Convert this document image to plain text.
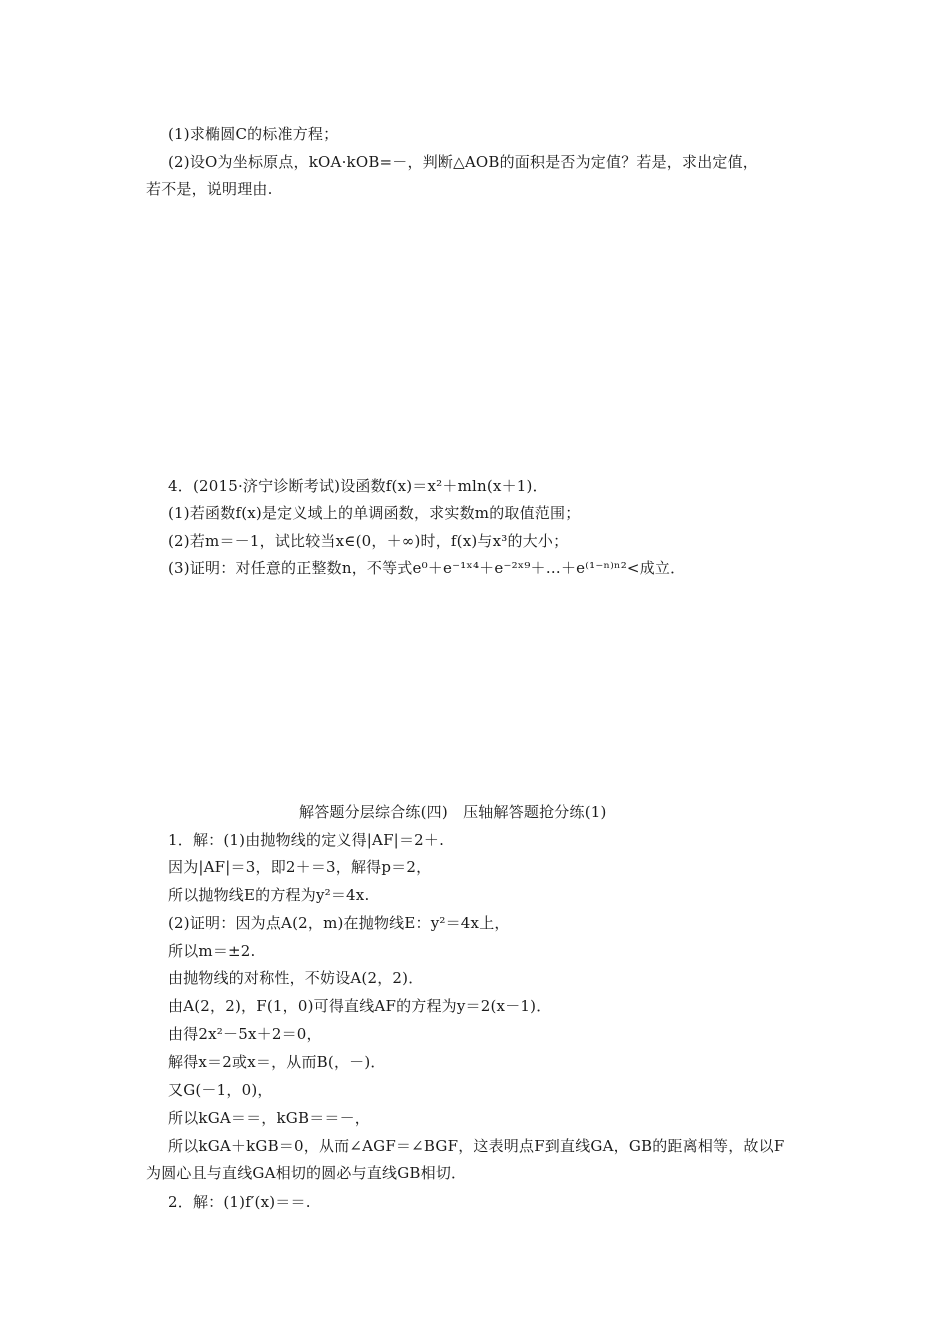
(1)求椭圆C的标准方程；
(2)设O为坐标原点，kOA·kOB=－，判断△AOB的面积是否为定值？若是，求出定值，
若不是，说明理由.
4．(2015·济宁诊断考试)设函数f(x)＝x²＋mln(x＋1)．
(1)若函数f(x)是定义域上的单调函数，求实数m的取值范围；
(2)若m＝－1，试比较当x∈(0，＋∞)时，f(x)与x³的大小；
(3)证明：对任意的正整数n，不等式e⁰＋e⁻¹ˣ⁴＋e⁻²ˣ⁹＋…＋e⁽¹⁻ⁿ⁾ⁿ²<成立．
解答题分层综合练(四)　压轴解答题抢分练(1)
1．解：(1)由抛物线的定义得|AF|＝2＋.
因为|AF|＝3，即2＋＝3，解得p＝2，
所以抛物线E的方程为y²＝4x.
(2)证明：因为点A(2，m)在抛物线E：y²＝4x上，
所以m＝±2.
由抛物线的对称性，不妨设A(2，2)．
由A(2，2)，F(1，0)可得直线AF的方程为y＝2(x－1)．
由得2x²－5x＋2＝0，
解得x＝2或x＝，从而B(，－)．
又G(－1，0)，
所以kGA＝＝，kGB＝＝－，
所以kGA＋kGB＝0，从而∠AGF＝∠BGF，这表明点F到直线GA，GB的距离相等，故以F
为圆心且与直线GA相切的圆必与直线GB相切．
2．解：(1)f′(x)＝＝.
